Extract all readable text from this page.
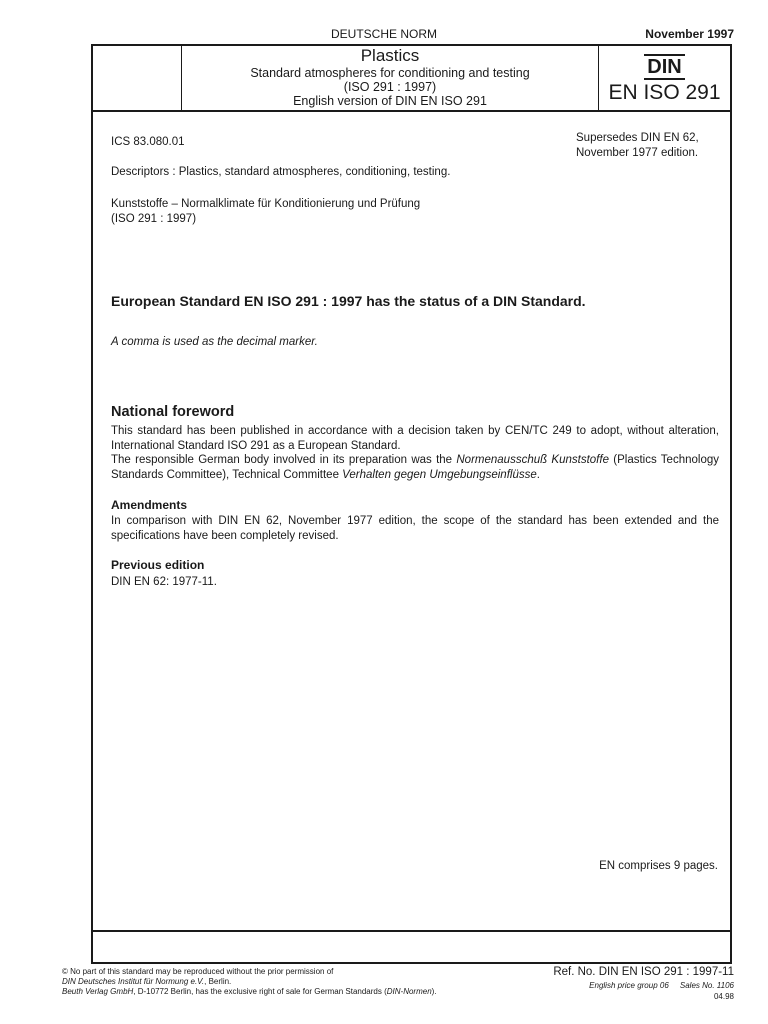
DEUTSCHE NORM	November 1997
Plastics
Standard atmospheres for conditioning and testing
(ISO 291 : 1997)
English version of DIN EN ISO 291
DIN
EN ISO 291
ICS 83.080.01	Supersedes DIN EN 62,
November 1977 edition.
Descriptors : Plastics, standard atmospheres, conditioning, testing.
Kunststoffe – Normalklimate für Konditionierung und Prüfung
(ISO 291 : 1997)
European Standard EN ISO 291 : 1997 has the status of a DIN Standard.
A comma is used as the decimal marker.
National foreword
This standard has been published in accordance with a decision taken by CEN/TC 249 to adopt, without alteration, International Standard ISO 291 as a European Standard.
The responsible German body involved in its preparation was the Normenausschuß Kunststoffe (Plastics Technology Standards Committee), Technical Committee Verhalten gegen Umgebungseinflüsse.
Amendments
In comparison with DIN EN 62, November 1977 edition, the scope of the standard has been extended and the specifications have been completely revised.
Previous edition
DIN EN 62: 1977-11.
EN comprises 9 pages.
© No part of this standard may be reproduced without the prior permission of
DIN Deutsches Institut für Normung e.V., Berlin.
Beuth Verlag GmbH, D-10772 Berlin, has the exclusive right of sale for German Standards (DIN-Normen).
Ref. No. DIN EN ISO 291 : 1997-11
English price group 06     Sales No. 1106
04.98
